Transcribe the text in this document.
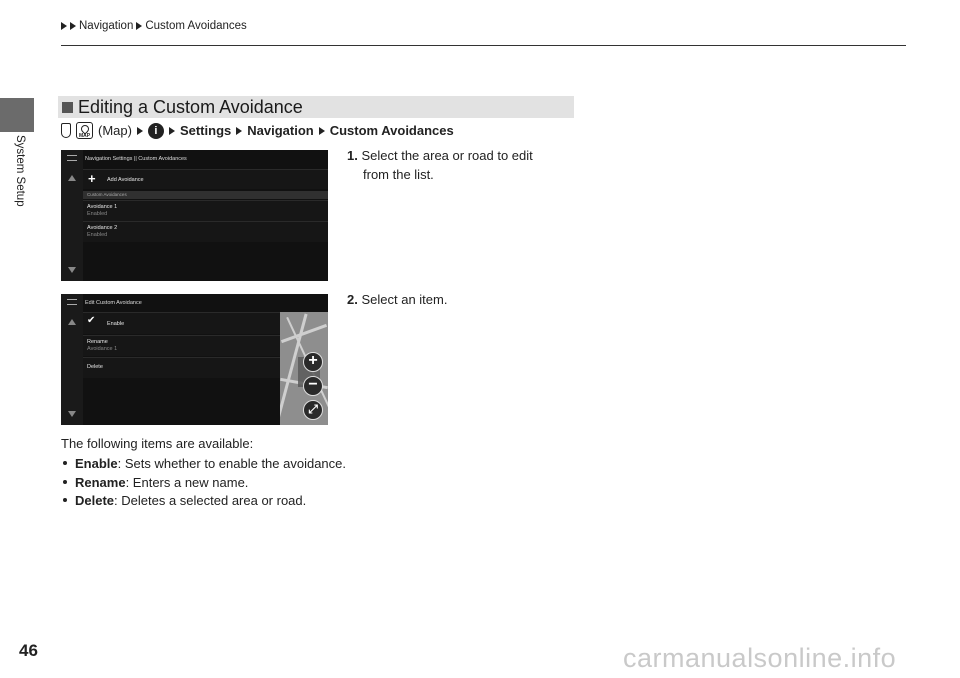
Navigation Custom Avoidances
System Setup
Editing a Custom Avoidance
MAP (Map)	i	Settings Navigation Custom Avoidances
Navigation Settings || Custom Avoidances
+ Add Avoidance
Custom Avoidances
Avoidance 1
Enabled
Avoidance 2
Enabled
Edit Custom Avoidance
✔ Enable
Rename
Avoidance 1
Delete	+
−
⤢
1. Select the area or road to edit
from the list.
2. Select an item.
The following items are available:
Enable : Sets whether to enable the avoidance.
Rename : Enters a new name.
Delete : Deletes a selected area or road.
46	carmanualsonline.info
